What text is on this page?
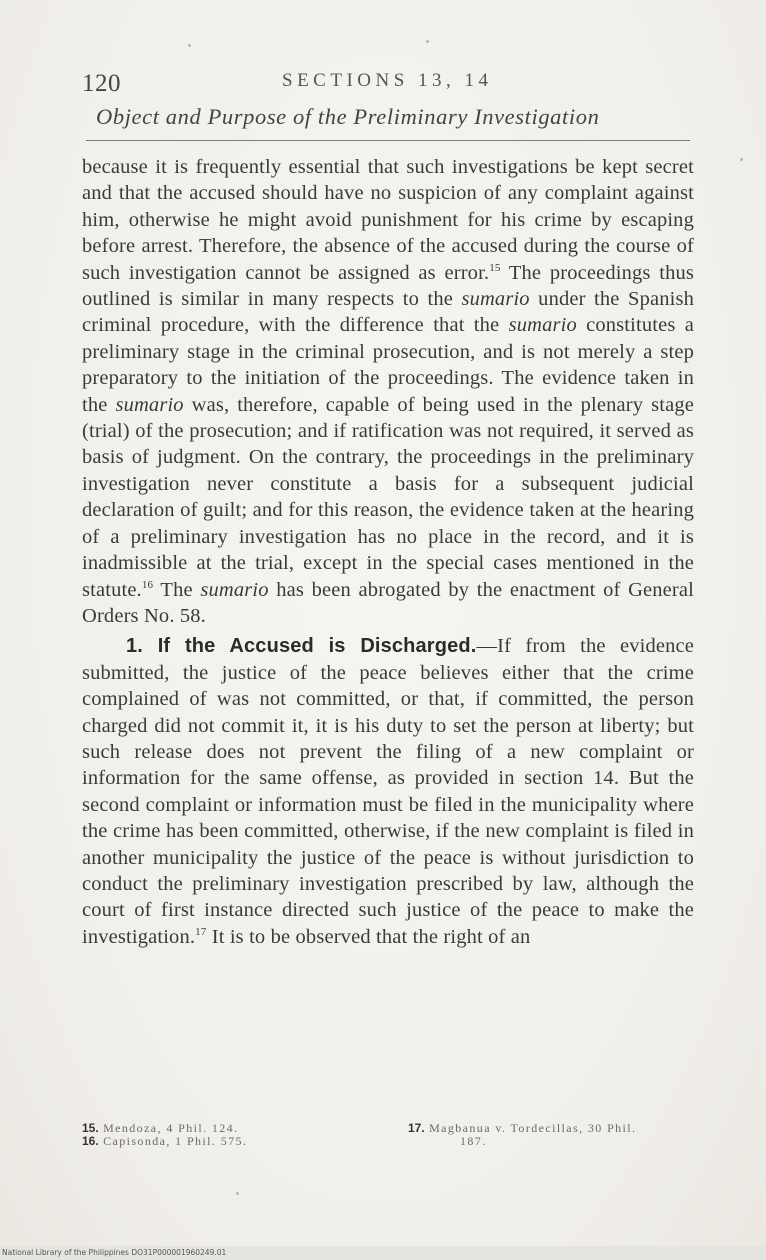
120	SECTIONS 13, 14
Object and Purpose of the Preliminary Investigation

because it is frequently essential that such investigations be kept secret and that the accused should have no suspicion of any complaint against him, otherwise he might avoid punishment for his crime by escaping before arrest. Therefore, the absence of the accused during the course of such investigation cannot be assigned as error.$^{15}$ The proceedings thus outlined is similar in many respects to the sumario under the Spanish criminal procedure, with the difference that the sumario constitutes a preliminary stage in the criminal prosecution, and is not merely a step preparatory to the initiation of the proceedings. The evidence taken in the sumario was, therefore, capable of being used in the plenary stage (trial) of the prosecution; and if ratification was not required, it served as basis of judgment. On the contrary, the proceedings in the preliminary investigation never constitute a basis for a subsequent judicial declaration of guilt; and for this reason, the evidence taken at the hearing of a preliminary investigation has no place in the record, and it is inadmissible at the trial, except in the special cases mentioned in the statute.$^{16}$ The sumario has been abrogated by the enactment of General Orders No. 58.

1. If the Accused is Discharged.—If from the evidence submitted, the justice of the peace believes either that the crime complained of was not committed, or that, if committed, the person charged did not commit it, it is his duty to set the person at liberty; but such release does not prevent the filing of a new complaint or information for the same offense, as provided in section 14. But the second complaint or information must be filed in the municipality where the crime has been committed, otherwise, if the new complaint is filed in another municipality the justice of the peace is without jurisdiction to conduct the preliminary investigation prescribed by law, although the court of first instance directed such justice of the peace to make the investigation.$^{17}$ It is to be observed that the right of an

15. Mendoza, 4 Phil. 124.
16. Capisonda, 1 Phil. 575.
17. Magbanua v. Tordecillas, 30 Phil.
187.
National Library of the Philippines DO31P000001960249.01
